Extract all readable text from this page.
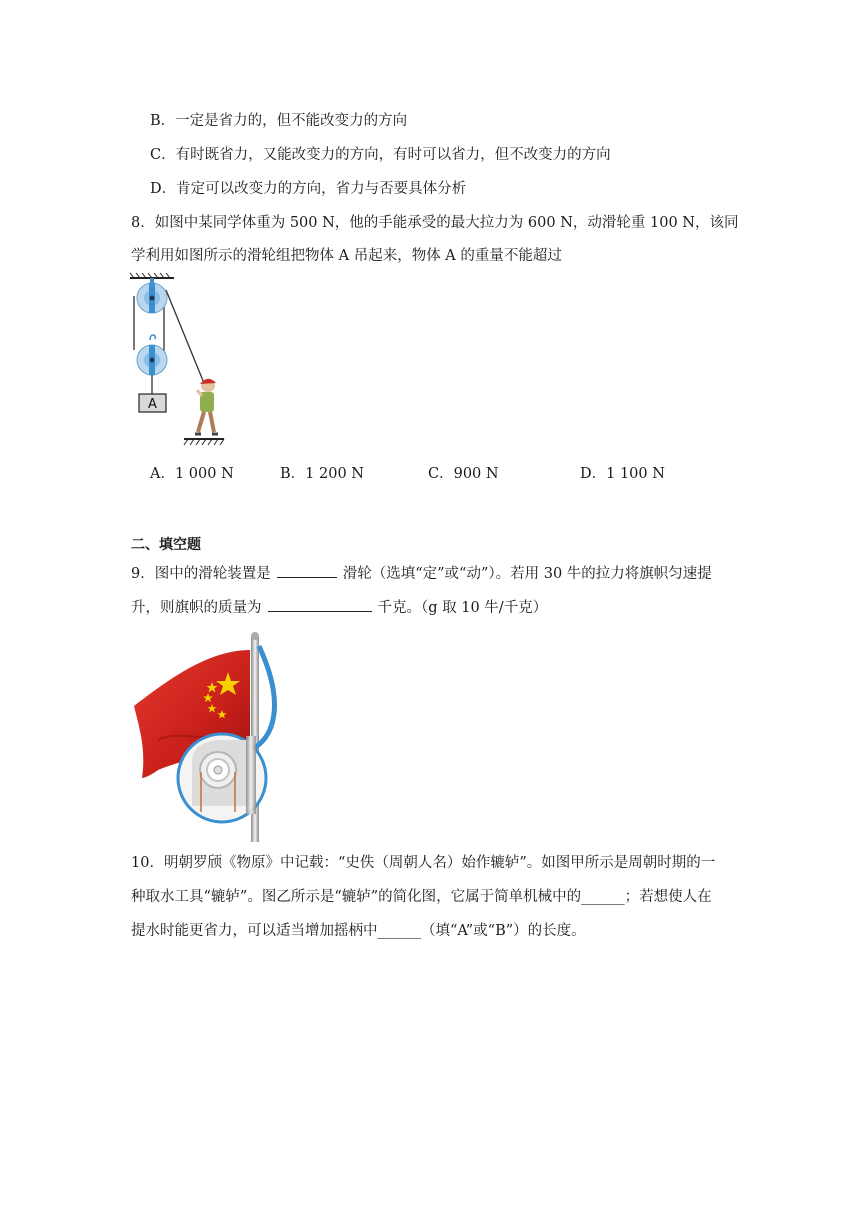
B．一定是省力的，但不能改变力的方向
C．有时既省力，又能改变力的方向，有时可以省力，但不改变力的方向
D．肯定可以改变力的方向，省力与否要具体分析
8．如图中某同学体重为 500 N，他的手能承受的最大拉力为 600 N，动滑轮重 100 N，该同
学利用如图所示的滑轮组把物体 A 吊起来，物体 A 的重量不能超过
A
A．1 000 N	B．1 200 N	C．900 N	D．1 100 N
二、填空题
9．图中的滑轮装置是	滑轮（选填“定”或“动”）。若用 30 牛的拉力将旗帜匀速提
升，则旗帜的质量为	千克。（g 取 10 牛/千克）
10．明朝罗颀《物原》中记载：“史佚（周朝人名）始作辘轳”。如图甲所示是周朝时期的一
种取水工具“辘轳”。图乙所示是“辘轳”的简化图，它属于简单机械中的______；若想使人在
提水时能更省力，可以适当增加摇柄中______（填“A”或“B”）的长度。
